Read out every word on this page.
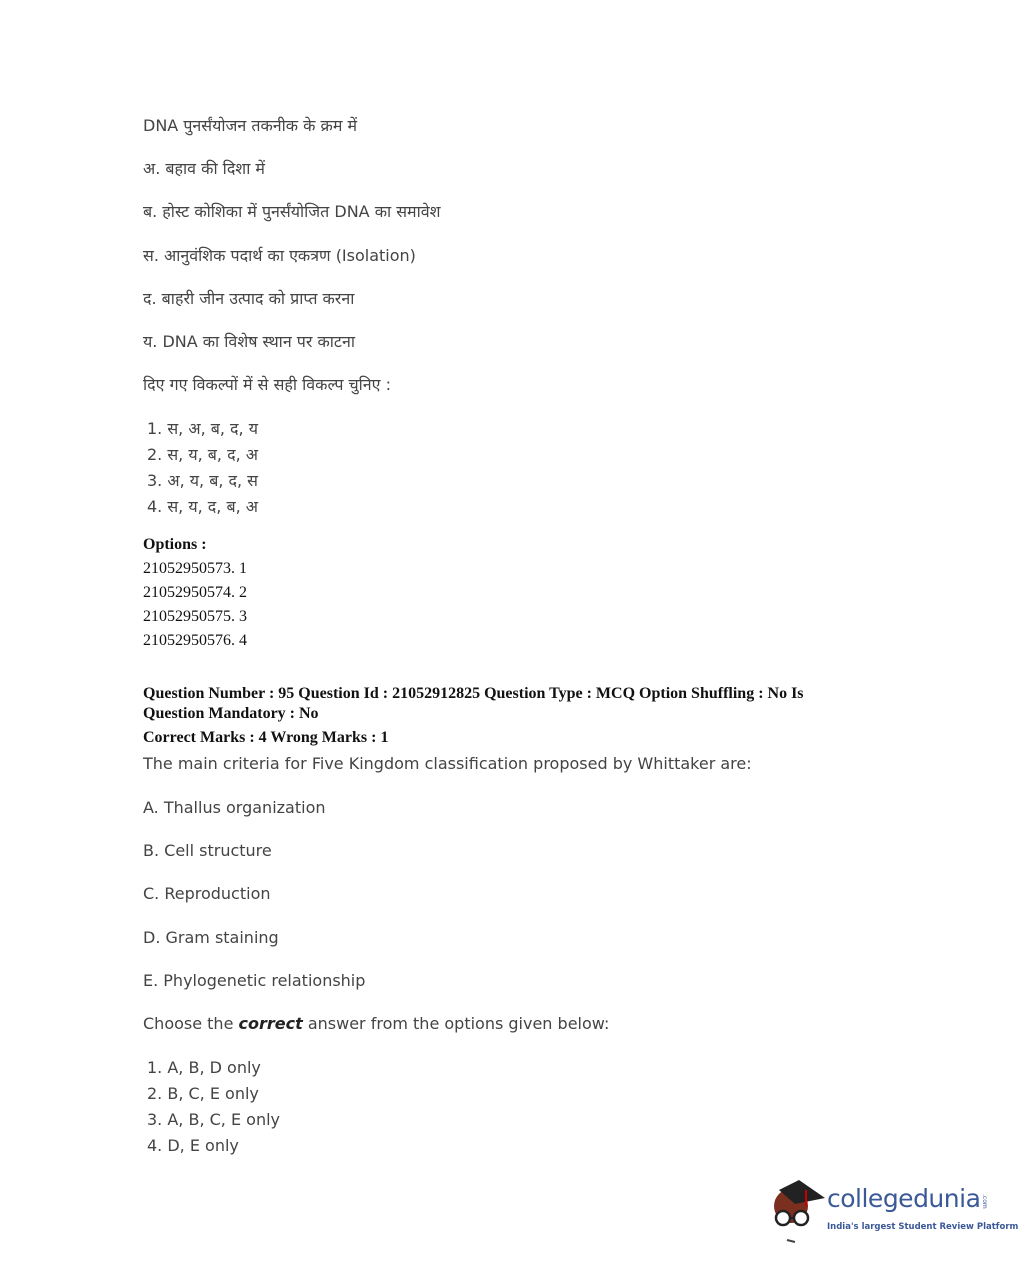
DNA पुनर्संयोजन तकनीक के क्रम में
अ. बहाव की दिशा में
ब. होस्ट कोशिका में पुनर्संयोजित DNA का समावेश
स. आनुवंशिक पदार्थ का एकत्रण (Isolation)
द. बाहरी जीन उत्पाद को प्राप्त करना
य. DNA का विशेष स्थान पर काटना
दिए गए विकल्पों में से सही विकल्प चुनिए :
1. स, अ, ब, द, य
2. स, य, ब, द, अ
3. अ, य, ब, द, स
4. स, य, द, ब, अ
Options :
21052950573. 1
21052950574. 2
21052950575. 3
21052950576. 4
Question Number : 95 Question Id : 21052912825 Question Type : MCQ Option Shuffling : No Is
Question Mandatory : No
Correct Marks : 4 Wrong Marks : 1
The main criteria for Five Kingdom classification proposed by Whittaker are:
A. Thallus organization
B. Cell structure
C. Reproduction
D. Gram staining
E. Phylogenetic relationship
Choose the correct answer from the options given below:
1. A, B, D only
2. B, C, E only
3. A, B, C, E only
4. D, E only
collegedunia .com
India's largest Student Review Platform
